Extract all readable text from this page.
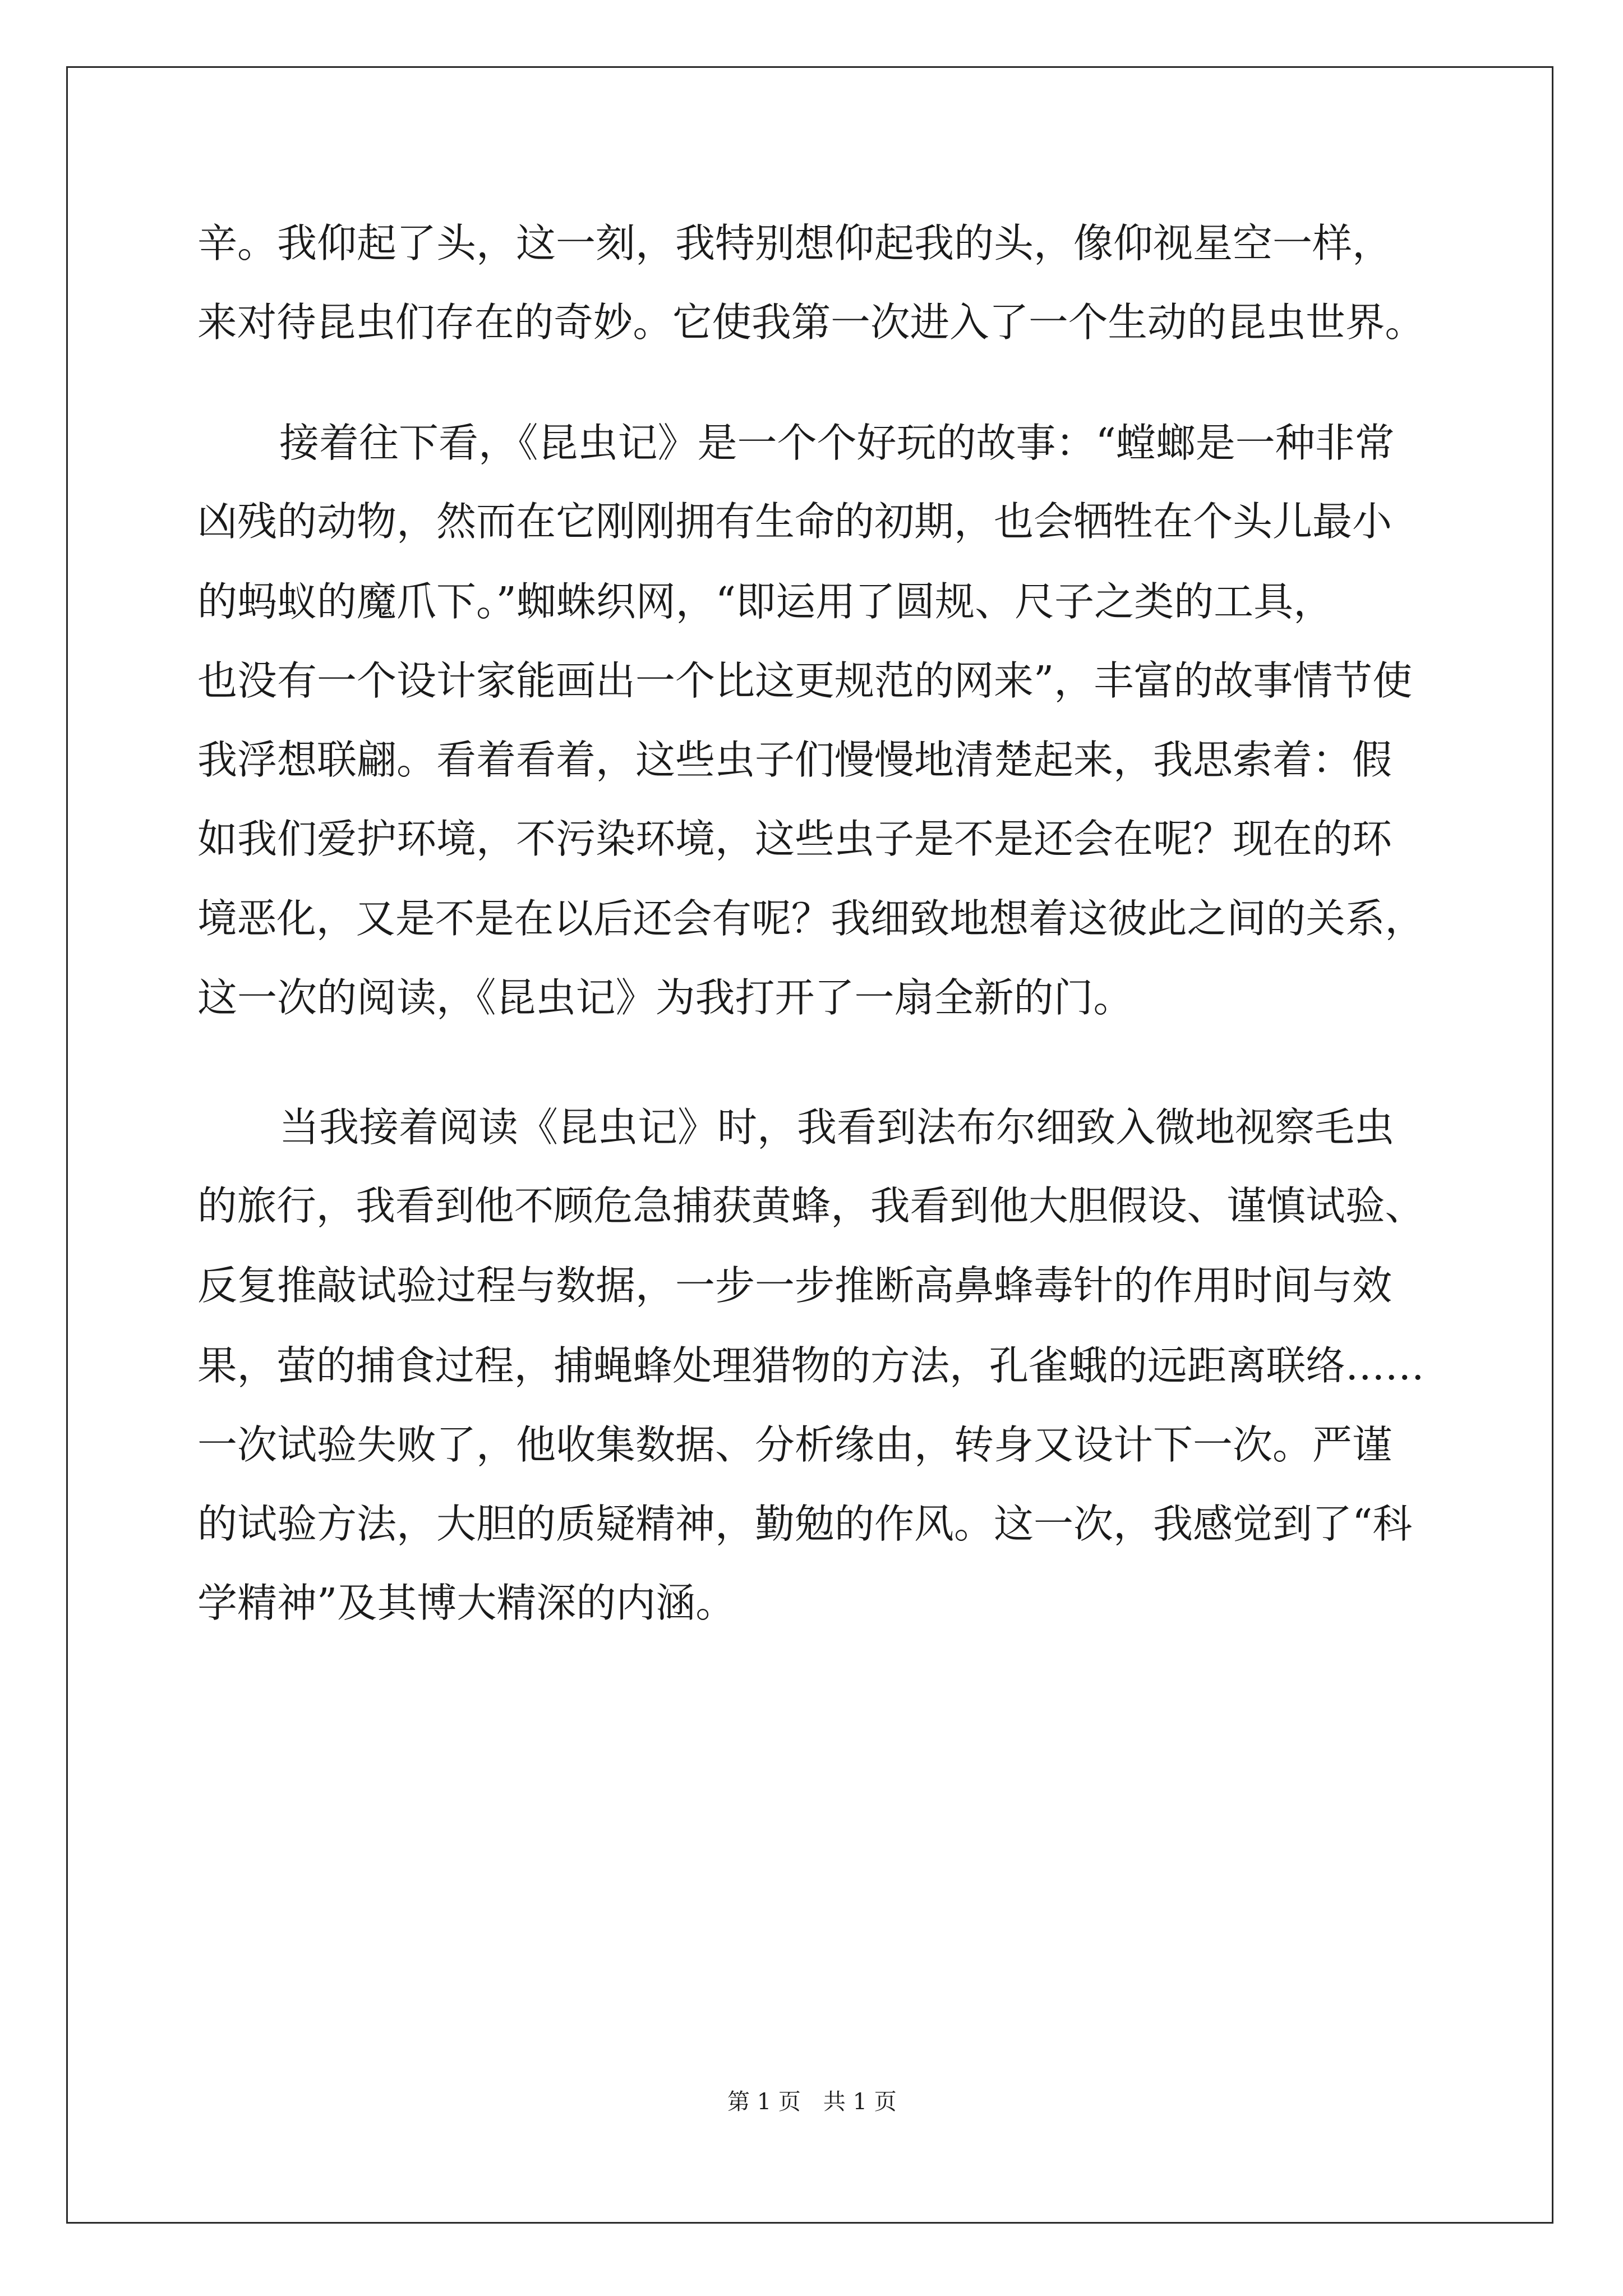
辛。我仰起了头，这一刻，我特别想仰起我的头，像仰视星空一样，
来对待昆虫们存在的奇妙。它使我第一次进入了一个生动的昆虫世界。
接着往下看，《昆虫记》是一个个好玩的故事：“螳螂是一种非常
凶残的动物，然而在它刚刚拥有生命的初期，也会牺牲在个头儿最小
的蚂蚁的魔爪下。”蜘蛛织网，“即运用了圆规、尺子之类的工具，
也没有一个设计家能画出一个比这更规范的网来”，丰富的故事情节使
我浮想联翩。看着看着，这些虫子们慢慢地清楚起来，我思索着：假
如我们爱护环境，不污染环境，这些虫子是不是还会在呢？现在的环
境恶化，又是不是在以后还会有呢？我细致地想着这彼此之间的关系，
这一次的阅读，《昆虫记》为我打开了一扇全新的门。
当我接着阅读《昆虫记》时，我看到法布尔细致入微地视察毛虫
的旅行，我看到他不顾危急捕获黄蜂，我看到他大胆假设、谨慎试验、
反复推敲试验过程与数据，一步一步推断高鼻蜂毒针的作用时间与效
果，萤的捕食过程，捕蝇蜂处理猎物的方法，孔雀蛾的远距离联络……
一次试验失败了，他收集数据、分析缘由，转身又设计下一次。严谨
的试验方法，大胆的质疑精神，勤勉的作风。这一次，我感觉到了“科
学精神”及其博大精深的内涵。
第 1 页　共 1 页
